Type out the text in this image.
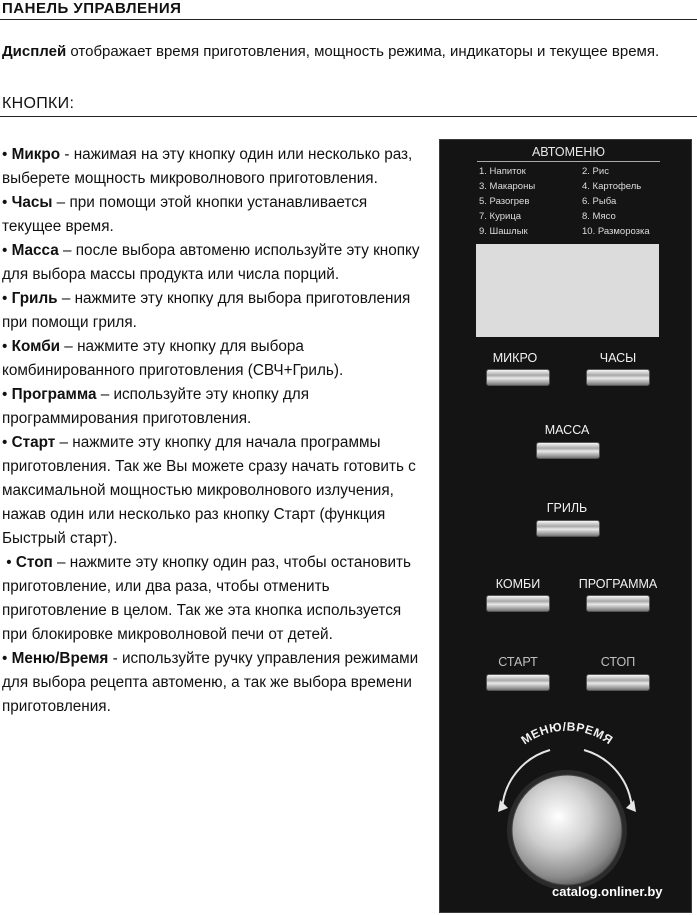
ПАНЕЛЬ УПРАВЛЕНИЯ
Дисплей отображает время приготовления, мощность режима, индикаторы и текущее время.
КНОПКИ:
• Микро - нажимая на эту кнопку один или несколько раз, выберете мощность микроволнового приготовления.
• Часы – при помощи этой кнопки устанавливается текущее время.
• Масса – после выбора автоменю используйте эту кнопку для выбора массы продукта или числа порций.
• Гриль – нажмите эту кнопку для выбора приготовления при помощи гриля.
• Комби – нажмите эту кнопку для выбора комбинированного приготовления (СВЧ+Гриль).
• Программа – используйте эту кнопку для программирования приготовления.
• Старт – нажмите эту кнопку для начала программы приготовления. Так же Вы можете сразу начать готовить с максимальной мощностью микроволнового излучения, нажав один или несколько раз кнопку Старт (функция Быстрый старт).
• Стоп – нажмите эту кнопку один раз, чтобы остановить приготовление, или два раза, чтобы отменить приготовление в целом. Так же эта кнопка используется при блокировке микроволновой печи от детей.
• Меню/Время - используйте ручку управления режимами для выбора рецепта автоменю, а так же выбора времени приготовления.
АВТОМЕНЮ
1. Напиток	2. Рис
3. Макароны	4. Картофель
5. Разогрев	6. Рыба
7. Курица	8. Мясо
9. Шашлык	10. Разморозка
МИКРО	ЧАСЫ
МАССА
ГРИЛЬ
КОМБИ	ПРОГРАММА
СТАРТ	СТОП
МЕНЮ/ВРЕМЯ
catalog.onliner.by
